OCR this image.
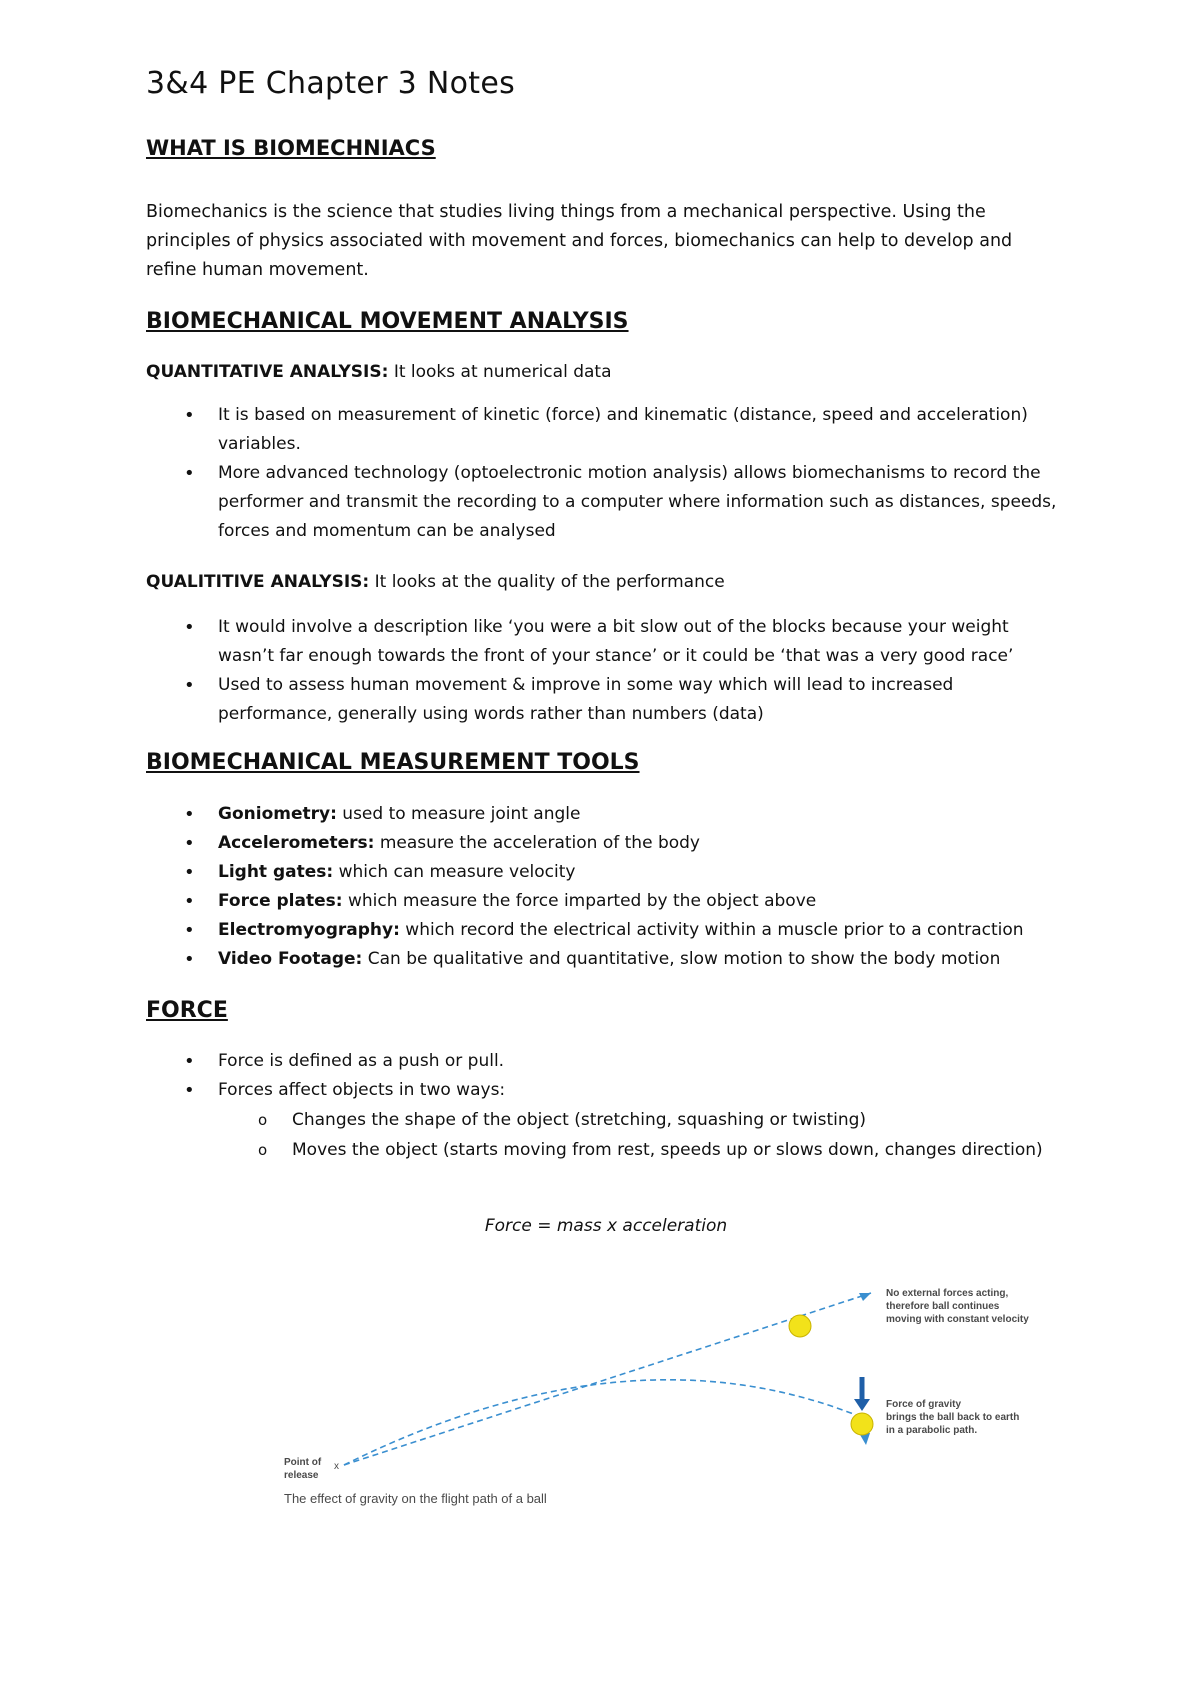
3&4 PE Chapter 3 Notes
WHAT IS BIOMECHNIACS

Biomechanics is the science that studies living things from a mechanical perspective. Using the principles of physics associated with movement and forces, biomechanics can help to develop and refine human movement.

BIOMECHANICAL MOVEMENT ANALYSIS

QUANTITATIVE ANALYSIS: It looks at numerical data

• It is based on measurement of kinetic (force) and kinematic (distance, speed and acceleration) variables.
• More advanced technology (optoelectronic motion analysis) allows biomechanisms to record the performer and transmit the recording to a computer where information such as distances, speeds, forces and momentum can be analysed

QUALITITIVE ANALYSIS: It looks at the quality of the performance

• It would involve a description like ‘you were a bit slow out of the blocks because your weight wasn’t far enough towards the front of your stance’ or it could be ‘that was a very good race’
• Used to assess human movement & improve in some way which will lead to increased performance, generally using words rather than numbers (data)
BIOMECHANICAL MEASUREMENT TOOLS
• Goniometry: used to measure joint angle
• Accelerometers: measure the acceleration of the body
• Light gates: which can measure velocity
• Force plates: which measure the force imparted by the object above
• Electromyography: which record the electrical activity within a muscle prior to a contraction
• Video Footage: Can be qualitative and quantitative, slow motion to show the body motion
FORCE
• Force is defined as a push or pull.
• Forces affect objects in two ways:
o Changes the shape of the object (stretching, squashing or twisting)
o Moves the object (starts moving from rest, speeds up or slows down, changes direction)
Force = mass x acceleration
x
No external forces acting, therefore ball continues moving with constant velocity
Force of gravity brings the ball back to earth in a parabolic path.
Point of release
The effect of gravity on the flight path of a ball
